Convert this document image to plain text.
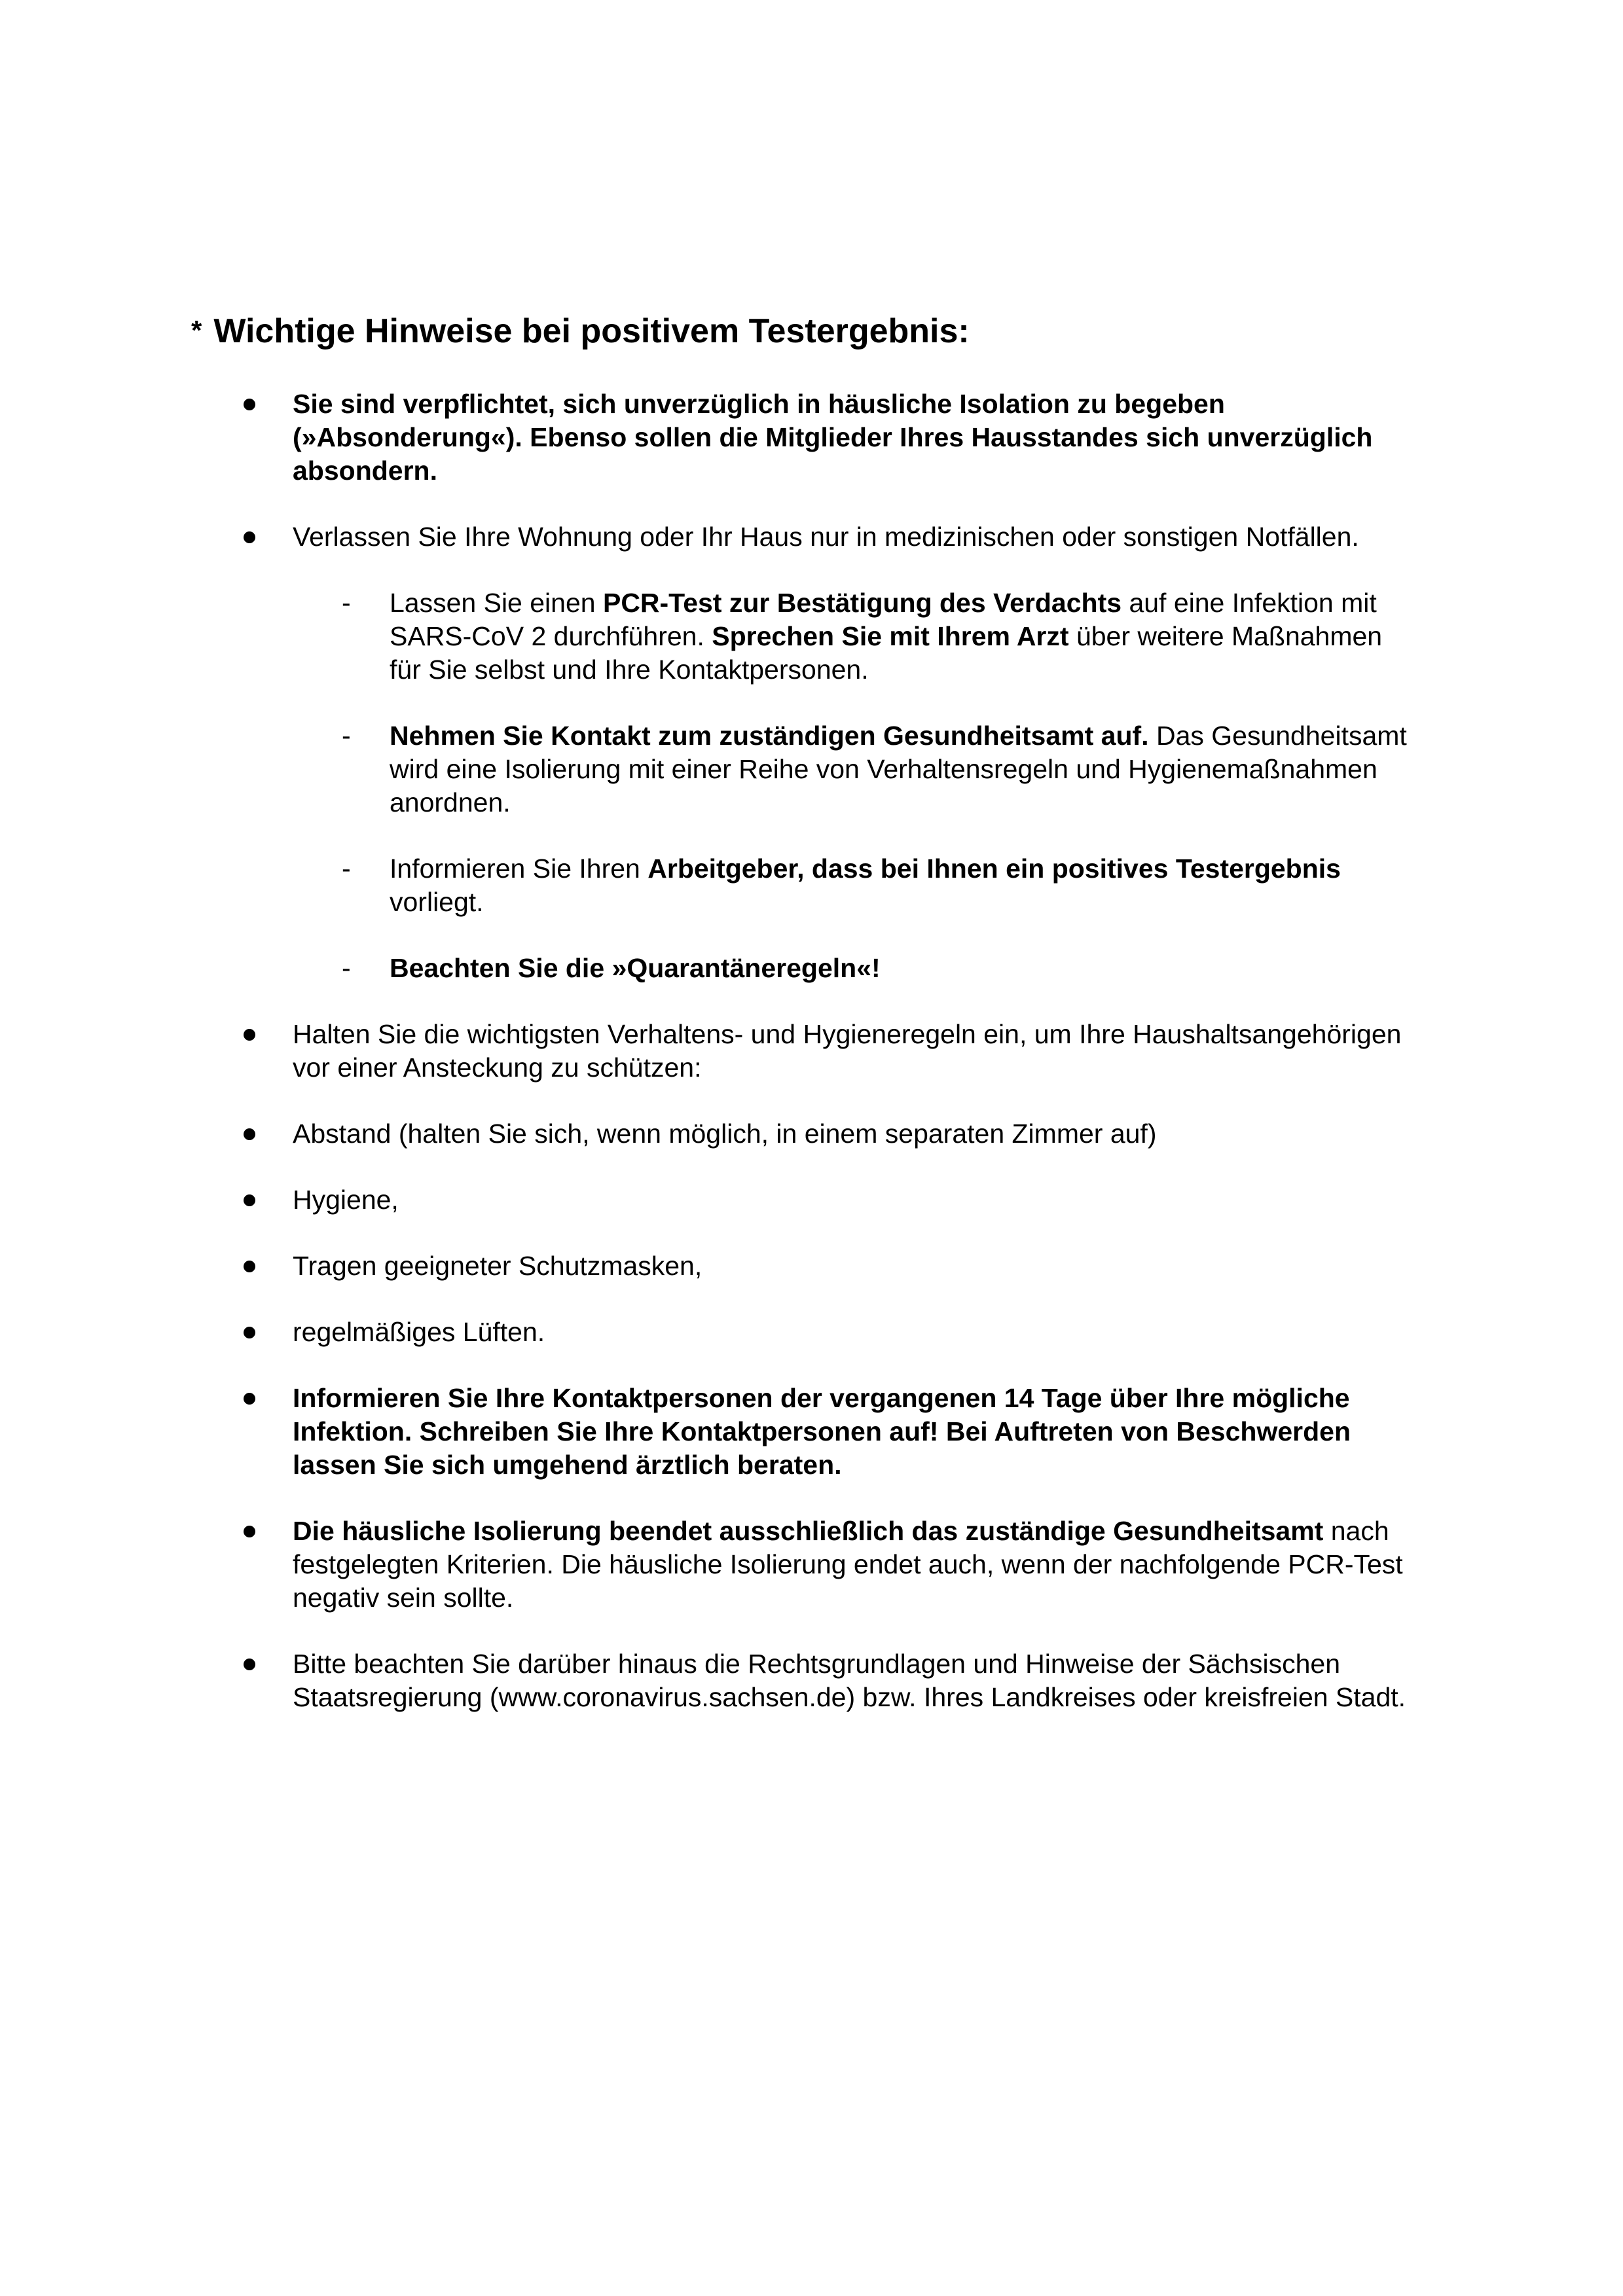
* Wichtige Hinweise bei positivem Testergebnis:
Sie sind verpflichtet, sich unverzüglich in häusliche Isolation zu begeben (»Absonderung«). Ebenso sollen die Mitglieder Ihres Hausstandes sich unverzüglich absondern.
Verlassen Sie Ihre Wohnung oder Ihr Haus nur in medizinischen oder sonstigen Notfällen.
- Lassen Sie einen PCR-Test zur Bestätigung des Verdachts auf eine Infektion mit SARS-CoV 2 durchführen. Sprechen Sie mit Ihrem Arzt über weitere Maßnahmen für Sie selbst und Ihre Kontaktpersonen.
- Nehmen Sie Kontakt zum zuständigen Gesundheitsamt auf. Das Gesundheitsamt wird eine Isolierung mit einer Reihe von Verhaltensregeln und Hygienemaßnahmen anordnen.
- Informieren Sie Ihren Arbeitgeber, dass bei Ihnen ein positives Testergebnis vorliegt.
- Beachten Sie die »Quarantäneregeln«!
Halten Sie die wichtigsten Verhaltens- und Hygieneregeln ein, um Ihre Haushaltsangehörigen vor einer Ansteckung zu schützen:
Abstand (halten Sie sich, wenn möglich, in einem separaten Zimmer auf)
Hygiene,
Tragen geeigneter Schutzmasken,
regelmäßiges Lüften.
Informieren Sie Ihre Kontaktpersonen der vergangenen 14 Tage über Ihre mögliche Infektion. Schreiben Sie Ihre Kontaktpersonen auf! Bei Auftreten von Beschwerden lassen Sie sich umgehend ärztlich beraten.
Die häusliche Isolierung beendet ausschließlich das zuständige Gesundheitsamt nach festgelegten Kriterien. Die häusliche Isolierung endet auch, wenn der nachfolgende PCR-Test negativ sein sollte.
Bitte beachten Sie darüber hinaus die Rechtsgrundlagen und Hinweise der Sächsischen Staatsregierung (www.coronavirus.sachsen.de) bzw. Ihres Landkreises oder kreisfreien Stadt.
